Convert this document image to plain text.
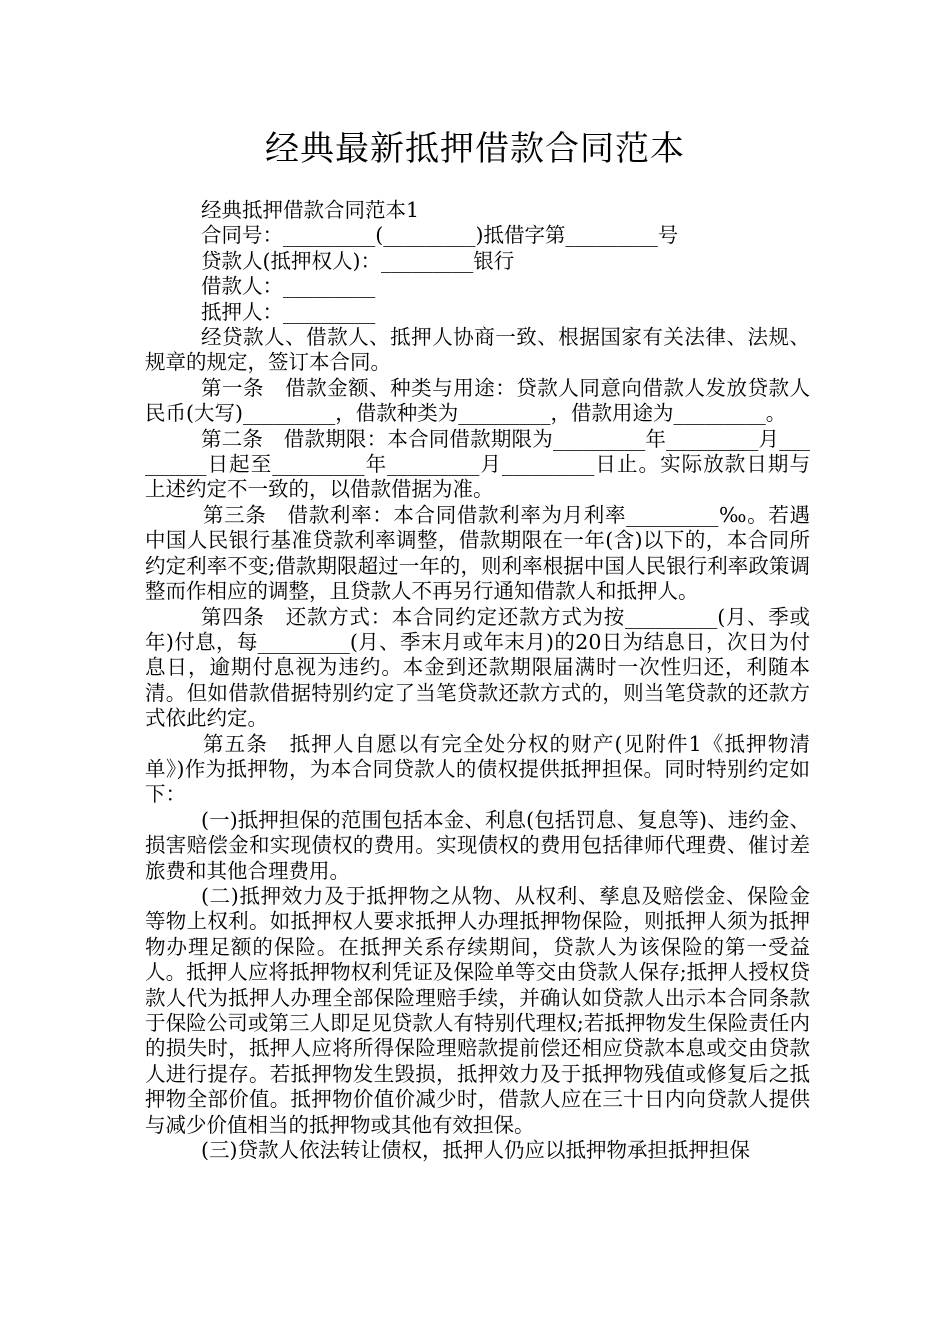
经典最新抵押借款合同范本

经典抵押借款合同范本1

合同号：_________(_________)抵借字第_________号

贷款人(抵押权人)：_________银行

借款人：_________

抵押人：_________

经贷款人、借款人、抵押人协商一致、根据国家有关法律、法规、规章的规定，签订本合同。

第一条　借款金额、种类与用途：贷款人同意向借款人发放贷款人民币(大写)_________，借款种类为_________，借款用途为_________。

第二条　借款期限：本合同借款期限为_________年_________月_________日起至_________年_________月_________日止。实际放款日期与上述约定不一致的，以借款借据为准。

第三条　借款利率：本合同借款利率为月利率_________‰。若遇中国人民银行基准贷款利率调整，借款期限在一年(含)以下的，本合同所约定利率不变;借款期限超过一年的，则利率根据中国人民银行利率政策调整而作相应的调整，且贷款人不再另行通知借款人和抵押人。

第四条　还款方式：本合同约定还款方式为按_________(月、季或年)付息，每_________(月、季末月或年末月)的20日为结息日，次日为付息日，逾期付息视为违约。本金到还款期限届满时一次性归还，利随本清。但如借款借据特别约定了当笔贷款还款方式的，则当笔贷款的还款方式依此约定。

第五条　抵押人自愿以有完全处分权的财产(见附件1《抵押物清单》)作为抵押物，为本合同贷款人的债权提供抵押担保。同时特别约定如下：

(一)抵押担保的范围包括本金、利息(包括罚息、复息等)、违约金、损害赔偿金和实现债权的费用。实现债权的费用包括律师代理费、催讨差旅费和其他合理费用。

(二)抵押效力及于抵押物之从物、从权利、孳息及赔偿金、保险金等物上权利。如抵押权人要求抵押人办理抵押物保险，则抵押人须为抵押物办理足额的保险。在抵押关系存续期间，贷款人为该保险的第一受益人。抵押人应将抵押物权利凭证及保险单等交由贷款人保存;抵押人授权贷款人代为抵押人办理全部保险理赔手续，并确认如贷款人出示本合同条款于保险公司或第三人即足见贷款人有特别代理权;若抵押物发生保险责任内的损失时，抵押人应将所得保险理赔款提前偿还相应贷款本息或交由贷款人进行提存。若抵押物发生毁损，抵押效力及于抵押物残值或修复后之抵押物全部价值。抵押物价值价减少时，借款人应在三十日内向贷款人提供与减少价值相当的抵押物或其他有效担保。

(三)贷款人依法转让债权，抵押人仍应以抵押物承担抵押担保
